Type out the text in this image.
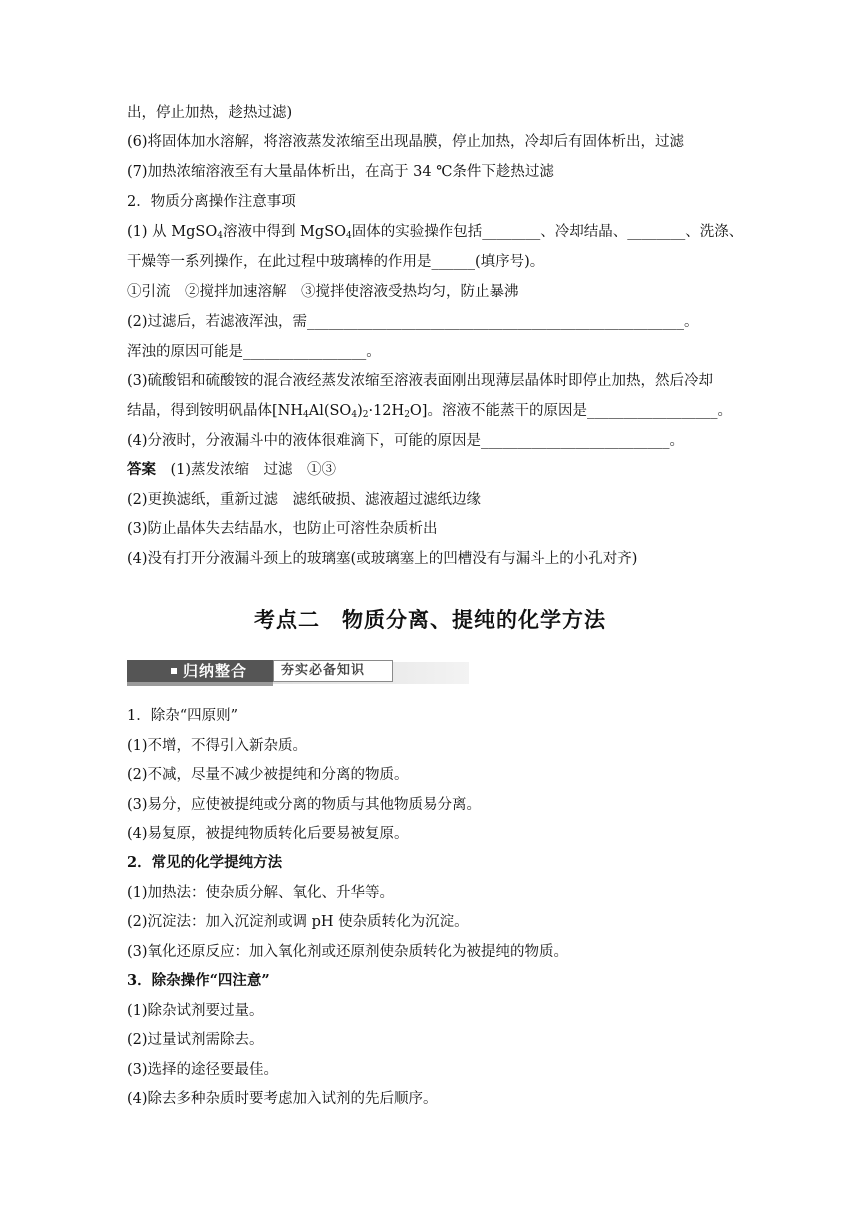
出，停止加热，趁热过滤)
(6)将固体加水溶解，将溶液蒸发浓缩至出现晶膜，停止加热，冷却后有固体析出，过滤
(7)加热浓缩溶液至有大量晶体析出，在高于 34 ℃条件下趁热过滤
2．物质分离操作注意事项
(1) 从 MgSO$_4$溶液中得到 MgSO$_4$固体的实验操作包括________、冷却结晶、________、洗涤、
干燥等一系列操作，在此过程中玻璃棒的作用是______(填序号)。
①引流　②搅拌加速溶解　③搅拌使溶液受热均匀，防止暴沸
(2)过滤后，若滤液浑浊，需____________________________________________________。
浑浊的原因可能是_________________。
(3)硫酸铝和硫酸铵的混合液经蒸发浓缩至溶液表面刚出现薄层晶体时即停止加热，然后冷却
结晶，得到铵明矾晶体$[NH_4Al(SO_4)_2\cdot 12H_2O]$。溶液不能蒸干的原因是__________________。
(4)分液时，分液漏斗中的液体很难滴下，可能的原因是__________________________。
答案　(1)蒸发浓缩　过滤　①③
(2)更换滤纸，重新过滤　滤纸破损、滤液超过滤纸边缘
(3)防止晶体失去结晶水，也防止可溶性杂质析出
(4)没有打开分液漏斗颈上的玻璃塞(或玻璃塞上的凹槽没有与漏斗上的小孔对齐)
考点二　物质分离、提纯的化学方法
归纳整合	夯实必备知识
1．除杂“四原则”
(1)不增，不得引入新杂质。
(2)不减，尽量不减少被提纯和分离的物质。
(3)易分，应使被提纯或分离的物质与其他物质易分离。
(4)易复原，被提纯物质转化后要易被复原。
2．常见的化学提纯方法
(1)加热法：使杂质分解、氧化、升华等。
(2)沉淀法：加入沉淀剂或调 pH 使杂质转化为沉淀。
(3)氧化还原反应：加入氧化剂或还原剂使杂质转化为被提纯的物质。
3．除杂操作“四注意”
(1)除杂试剂要过量。
(2)过量试剂需除去。
(3)选择的途径要最佳。
(4)除去多种杂质时要考虑加入试剂的先后顺序。
